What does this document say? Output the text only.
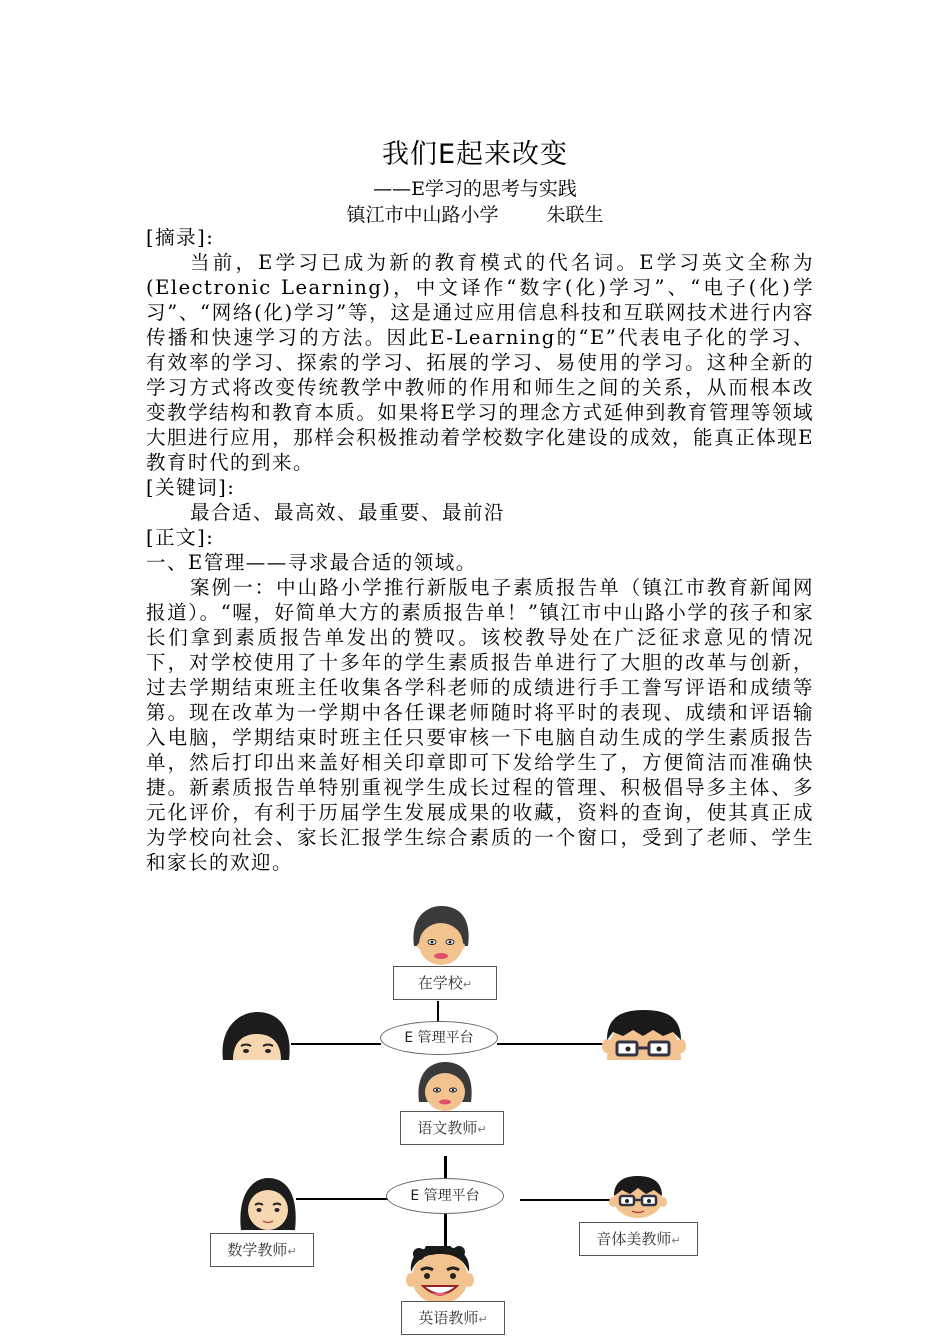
我们E起来改变
——E学习的思考与实践
镇江市中山路小学	朱联生

[摘录]:

当前，E学习已成为新的教育模式的代名词。E学习英文全称为(Electronic Learning)，中文译作“数字(化)学习”、“电子(化)学习”、“网络(化)学习”等，这是通过应用信息科技和互联网技术进行内容传播和快速学习的方法。因此E-Learning的“E”代表电子化的学习、有效率的学习、探索的学习、拓展的学习、易使用的学习。这种全新的学习方式将改变传统教学中教师的作用和师生之间的关系，从而根本改变教学结构和教育本质。如果将E学习的理念方式延伸到教育管理等领域大胆进行应用，那样会积极推动着学校数字化建设的成效，能真正体现E教育时代的到来。

[关键词]:

最合适、最高效、最重要、最前沿

[正文]:

一、E管理——寻求最合适的领域。

案例一：中山路小学推行新版电子素质报告单（镇江市教育新闻网报道）。“喔，好简单大方的素质报告单！”镇江市中山路小学的孩子和家长们拿到素质报告单发出的赞叹。该校教导处在广泛征求意见的情况下，对学校使用了十多年的学生素质报告单进行了大胆的改革与创新，过去学期结束班主任收集各学科老师的成绩进行手工誊写评语和成绩等第。现在改革为一学期中各任课老师随时将平时的表现、成绩和评语输入电脑，学期结束时班主任只要审核一下电脑自动生成的学生素质报告单，然后打印出来盖好相关印章即可下发给学生了，方便简洁而准确快捷。新素质报告单特别重视学生成长过程的管理、积极倡导多主体、多元化评价，有利于历届学生发展成果的收藏，资料的查询，使其真正成为学校向社会、家长汇报学生综合素质的一个窗口，受到了老师、学生和家长的欢迎。

在学校↵
E 管理平台
语文教师↵
E 管理平台
数学教师↵
音体美教师↵
英语教师↵
